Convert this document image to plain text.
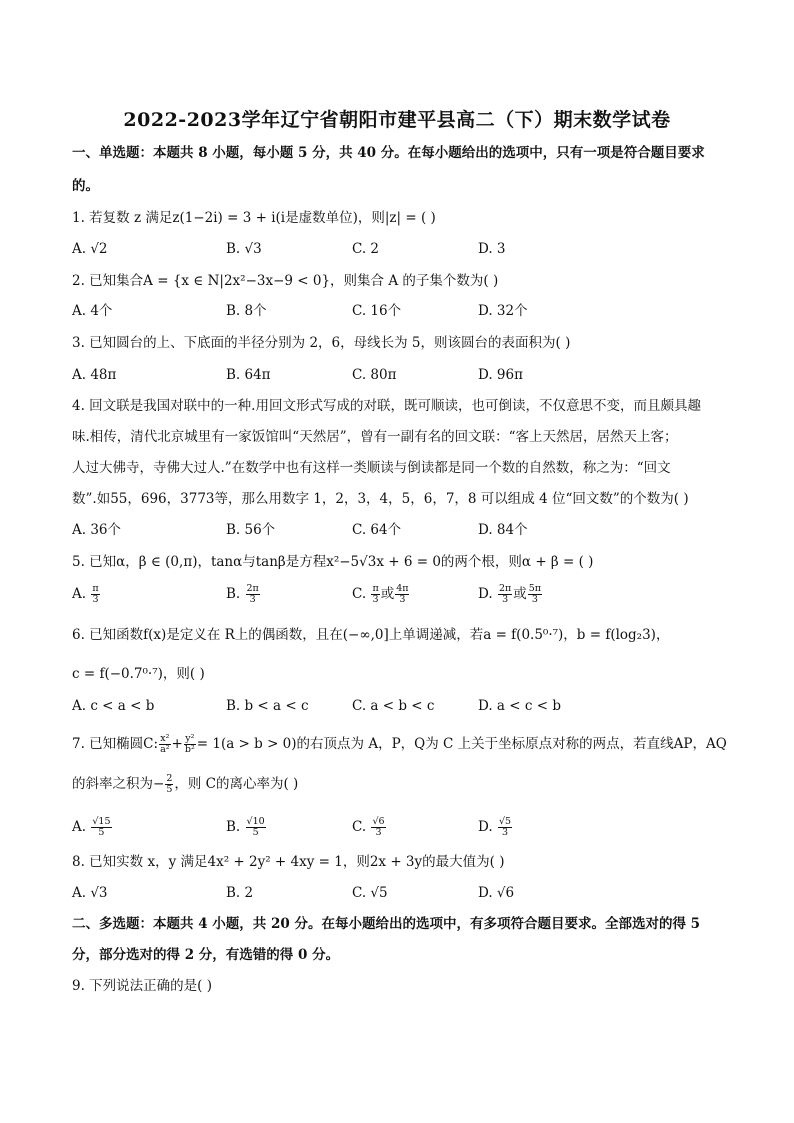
2022-2023学年辽宁省朝阳市建平县高二（下）期末数学试卷
一、单选题：本题共 8 小题，每小题 5 分，共 40 分。在每小题给出的选项中，只有一项是符合题目要求
的。
1. 若复数 z 满足z(1−2i) = 3 + i(i是虚数单位)，则|z| = ( )
A. √2	B. √3	C. 2	D. 3
2. 已知集合A = {x ∈ N|2x²−3x−9 < 0}，则集合 A 的子集个数为( )
A. 4个	B. 8个	C. 16个	D. 32个
3. 已知圆台的上、下底面的半径分别为 2，6，母线长为 5，则该圆台的表面积为( )
A. 48π	B. 64π	C. 80π	D. 96π
4. 回文联是我国对联中的一种.用回文形式写成的对联，既可顺读，也可倒读，不仅意思不变，而且颇具趣
味.相传，清代北京城里有一家饭馆叫“天然居”，曾有一副有名的回文联：“客上天然居，居然天上客；
人过大佛寺，寺佛大过人.”在数学中也有这样一类顺读与倒读都是同一个数的自然数，称之为：“回文
数”.如55，696，3773等，那么用数字 1，2，3，4，5，6，7，8 可以组成 4 位“回文数”的个数为( )
A. 36个	B. 56个	C. 64个	D. 84个
5. 已知α，β ∈ (0,π)，tanα与tanβ是方程x²−5√3x + 6 = 0的两个根，则α + β = ( )
A. $\frac{\pi}{3}$	B. $\frac{2\pi}{3}$	C. $\frac{\pi}{3}$ 或 $\frac{4\pi}{3}$	D. $\frac{2\pi}{3}$ 或 $\frac{5\pi}{3}$
6. 已知函数f(x)是定义在 R上的偶函数，且在(−∞,0]上单调递减，若a = f(0.5⁰·⁷)，b = f(log₂3)，
c = f(−0.7⁰·⁷)，则( )
A. c < a < b	B. b < a < c	C. a < b < c	D. a < c < b
7. 已知椭圆C: $\frac{\text{x²}}{\text{a²}} + \frac{\text{y²}}{\text{b²}} = 1(a > b > 0)$的右顶点为 A，P，Q为 C 上关于坐标原点对称的两点，若直线AP，AQ
的斜率之积为− $\frac{2}{5}$ ，则 C的离心率为( )
A. $\frac{√15}{5}$	B. $\frac{√10}{5}$	C. $\frac{√6}{3}$	D. $\frac{√5}{3}$
8. 已知实数 x，y 满足4x² + 2y² + 4xy = 1，则2x + 3y的最大值为( )
A. √3	B. 2	C. √5	D. √6
二、多选题：本题共 4 小题，共 20 分。在每小题给出的选项中，有多项符合题目要求。全部选对的得 5
分，部分选对的得 2 分，有选错的得 0 分。
9. 下列说法正确的是( )
